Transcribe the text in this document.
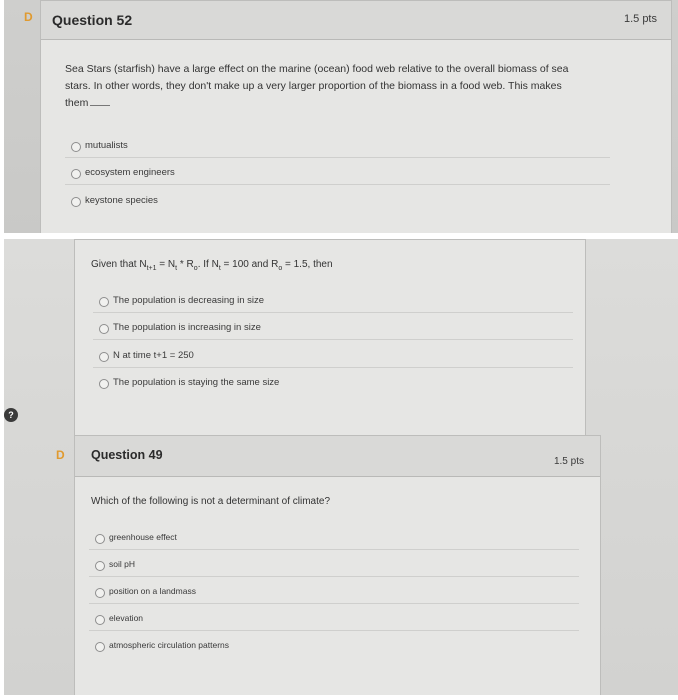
D Question 52	1.5 pts
Sea Stars (starfish) have a large effect on the marine (ocean) food web relative to the overall biomass of sea stars. In other words, they don't make up a very larger proportion of the biomass in a food web. This makes them
mutualists
ecosystem engineers
keystone species
?
Given that $N_{t+1} = N_t * R_o$. If $N_t = 100$ and $R_o = 1.5$, then
The population is decreasing in size
The population is increasing in size
N at time t+1 = 250
The population is staying the same size
D Question 49	1.5 pts
Which of the following is not a determinant of climate?
greenhouse effect
soil pH
position on a landmass
elevation
atmospheric circulation patterns
